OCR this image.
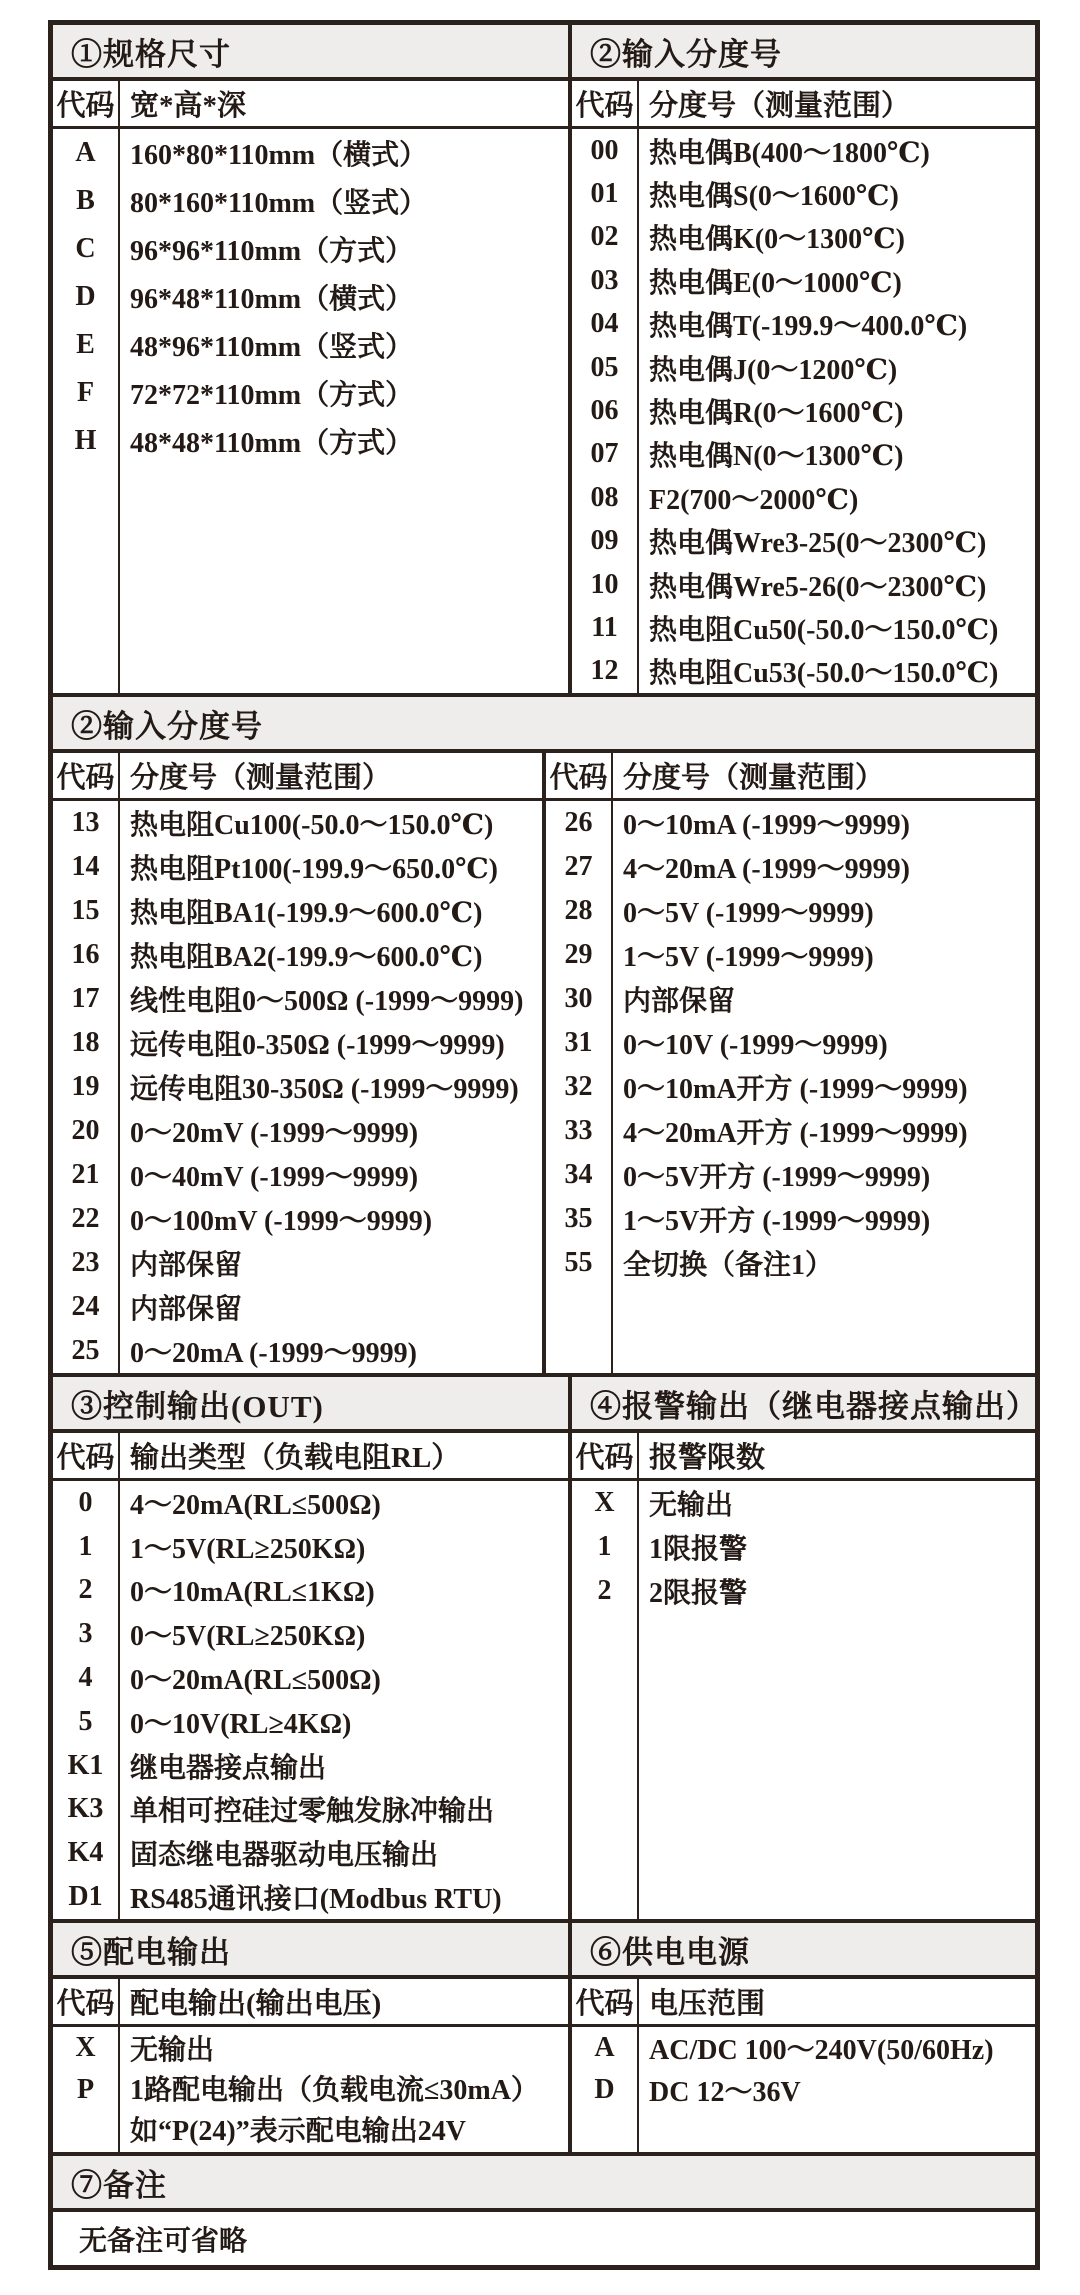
①规格尺寸
代码 宽*高*深
A	160*80*110mm（横式）
B	80*160*110mm（竖式）
C	96*96*110mm（方式）
D	96*48*110mm（横式）
E	48*96*110mm（竖式）
F	72*72*110mm（方式）
H	48*48*110mm（方式）
②输入分度号
代码 分度号（测量范围）
00	热电偶B(400～1800℃)
01	热电偶S(0～1600℃)
02	热电偶K(0～1300℃)
03	热电偶E(0～1000℃)
04	热电偶T(-199.9～400.0℃)
05	热电偶J(0～1200℃)
06	热电偶R(0～1600℃)
07	热电偶N(0～1300℃)
08	F2(700～2000℃)
09	热电偶Wre3-25(0～2300℃)
10	热电偶Wre5-26(0～2300℃)
11	热电阻Cu50(-50.0～150.0℃)
12	热电阻Cu53(-50.0～150.0℃)
②输入分度号
代码 分度号（测量范围）
13	热电阻Cu100(-50.0～150.0℃)
14	热电阻Pt100(-199.9～650.0℃)
15	热电阻BA1(-199.9～600.0℃)
16	热电阻BA2(-199.9～600.0℃)
17	线性电阻0～500Ω (-1999～9999)
18	远传电阻0-350Ω (-1999～9999)
19	远传电阻30-350Ω (-1999～9999)
20	0～20mV (-1999～9999)
21	0～40mV (-1999～9999)
22	0～100mV (-1999～9999)
23	内部保留
24	内部保留
25	0～20mA (-1999～9999)
代码 分度号（测量范围）
26	0～10mA (-1999～9999)
27	4～20mA (-1999～9999)
28	0～5V (-1999～9999)
29	1～5V (-1999～9999)
30	内部保留
31	0～10V (-1999～9999)
32	0～10mA开方 (-1999～9999)
33	4～20mA开方 (-1999～9999)
34	0～5V开方 (-1999～9999)
35	1～5V开方 (-1999～9999)
55	全切换（备注1）
③控制输出(OUT)
代码 输出类型（负载电阻RL）
0	4～20mA(RL≤500Ω)
1	1～5V(RL≥250KΩ)
2	0～10mA(RL≤1KΩ)
3	0～5V(RL≥250KΩ)
4	0～20mA(RL≤500Ω)
5	0～10V(RL≥4KΩ)
K1 继电器接点输出
K3 单相可控硅过零触发脉冲输出
K4 固态继电器驱动电压输出
D1 RS485通讯接口(Modbus RTU)
④报警输出（继电器接点输出）
代码 报警限数
X	无输出
1	1限报警
2	2限报警
⑤配电输出
代码 配电输出(输出电压)
X	无输出
P	1路配电输出（负载电流≤30mA）
如“P(24)”表示配电输出24V
⑥供电电源
代码 电压范围
A	AC/DC 100～240V(50/60Hz)
D	DC 12～36V
⑦备注
无备注可省略
